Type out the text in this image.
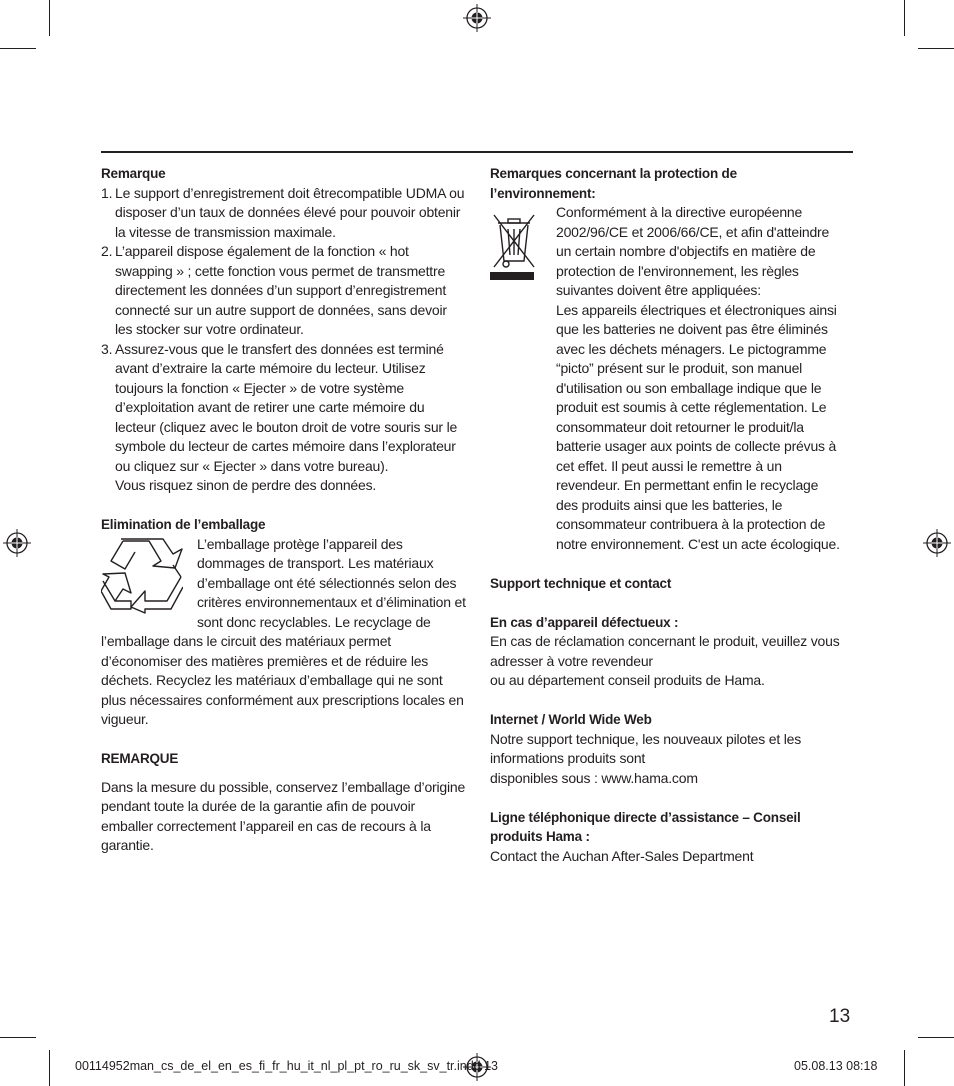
Remarque
1. Le support d’enregistrement doit êtrecompatible UDMA ou disposer d’un taux de données élevé pour pouvoir obtenir la vitesse de transmission maximale.
2. L’appareil dispose également de la fonction « hot swapping » ; cette fonction vous permet de transmettre directement les données d’un support d’enregistrement connecté sur un autre support de données, sans devoir les stocker sur votre ordinateur.
3. Assurez-vous que le transfert des données est terminé avant d’extraire la carte mémoire du lecteur. Utilisez toujours la fonction « Ejecter » de votre système d’exploitation avant de retirer une carte mémoire du lecteur (cliquez avec le bouton droit de votre souris sur le symbole du lecteur de cartes mémoire dans l’explorateur ou cliquez sur « Ejecter » dans votre bureau).
Vous risquez sinon de perdre des données.
Elimination de l’emballage
L’emballage protège l’appareil des dommages de transport. Les matériaux d’emballage ont été sélectionnés selon des critères environnementaux et d’élimination et sont donc recyclables. Le recyclage de l’emballage dans le circuit des matériaux permet d’économiser des matières premières et de réduire les déchets. Recyclez les matériaux d’emballage qui ne sont plus nécessaires conformément aux prescriptions locales en vigueur.
REMARQUE
Dans la mesure du possible, conservez l’emballage d’origine pendant toute la durée de la garantie afin de pouvoir emballer correctement l’appareil en cas de recours à la garantie.
Remarques concernant la protection de l’environnement:
Conformément à la directive européenne 2002/96/CE et 2006/66/CE, et afin d'atteindre un certain nombre d'objectifs en matière de protection de l'environnement, les règles suivantes doivent être appliquées:
Les appareils électriques et électroniques ainsi que les batteries ne doivent pas être éliminés avec les déchets ménagers. Le pictogramme “picto” présent sur le produit, son manuel d'utilisation ou son emballage indique que le produit est soumis à cette réglementation. Le consommateur doit retourner le produit/la batterie usager aux points de collecte prévus à cet effet. Il peut aussi le remettre à un revendeur. En permettant enfin le recyclage des produits ainsi que les batteries, le consommateur contribuera à la protection de notre environnement. C'est un acte écologique.
Support technique et contact
En cas d’appareil défectueux :
En cas de réclamation concernant le produit, veuillez vous adresser à votre revendeur
ou au département conseil produits de Hama.
Internet / World Wide Web
Notre support technique, les nouveaux pilotes et les informations produits sont
disponibles sous : www.hama.com
Ligne téléphonique directe d’assistance – Conseil produits Hama :
Contact the Auchan After-Sales Department
13
00114952man_cs_de_el_en_es_fi_fr_hu_it_nl_pl_pt_ro_ru_sk_sv_tr.indd 13	05.08.13 08:18
